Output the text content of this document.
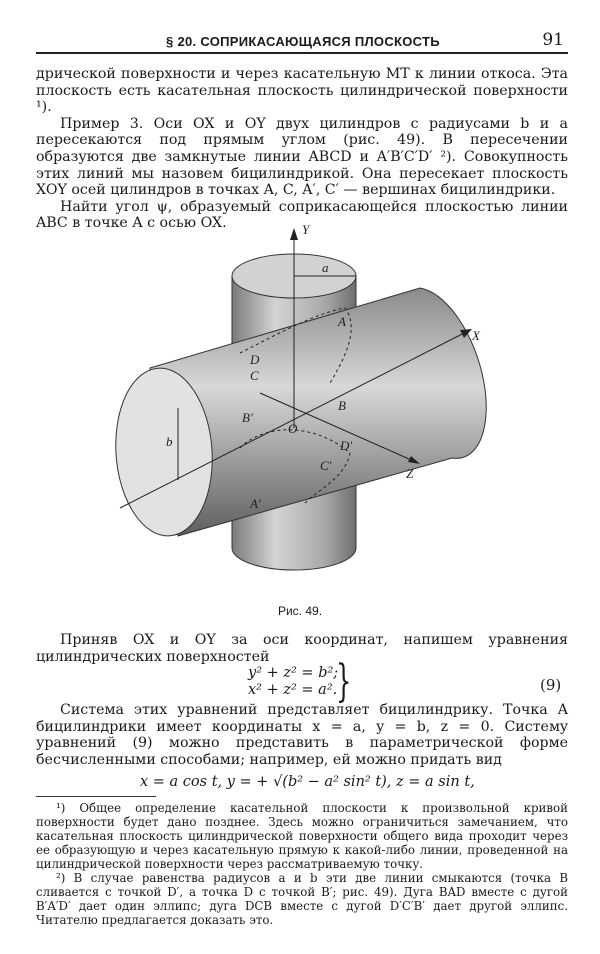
§ 20. СОПРИКАСАЮЩАЯСЯ ПЛОСКОСТЬ	91

дрической поверхности и через касательную MT к линии откоса. Эта плоскость есть касательная плоскость цилиндрической поверхности ¹).

Пример 3. Оси OX и OY двух цилиндров с радиусами b и a пересекаются под прямым углом (рис. 49). В пересечении образуются две замкнутые линии ABCD и A′B′C′D′ ²). Совокупность этих линий мы назовем бицилиндрикой. Она пересекает плоскость XOY осей цилиндров в точках A, C, A′, C′ — вершинах бицилиндрики.

Найти угол ψ, образуемый соприкасающейся плоскостью линии ABC в точке A с осью OX.	Y
X
Z
a
b
O
A
B
C
D
A′
B′
C′
D′
Рис. 49.

Приняв OX и OY за оси координат, напишем уравнения цилиндрических поверхностей

y² + z² = b²;
x² + z² = a².
}	(9)

Система этих уравнений представляет бицилиндрику. Точка A бицилиндрики имеет координаты x = a, y = b, z = 0. Системy уравнений (9) можно представить в параметрической форме бесчисленными способами; например, ей можно придать вид

x = a cos t, y = + √(b² − a² sin² t), z = a sin t,

¹) Общее определение касательной плоскости к произвольной кривой поверхности будет дано позднее. Здесь можно ограничиться замечанием, что касательная плоскость цилиндрической поверхности общего вида проходит через ее образующую и через касательную прямую к какой-либо линии, проведенной на цилиндрической поверхности через рассматриваемую точку.

²) В случае равенства радиусов a и b эти две линии смыкаются (точка B сливается с точкой D′, а точка D с точкой B′; рис. 49). Дуга BAD вместе с дугой B′A′D′ дает один эллипс; дуга DCB вместе с дугой D′C′B′ дает другой эллипс. Читателю предлагается доказать это.
